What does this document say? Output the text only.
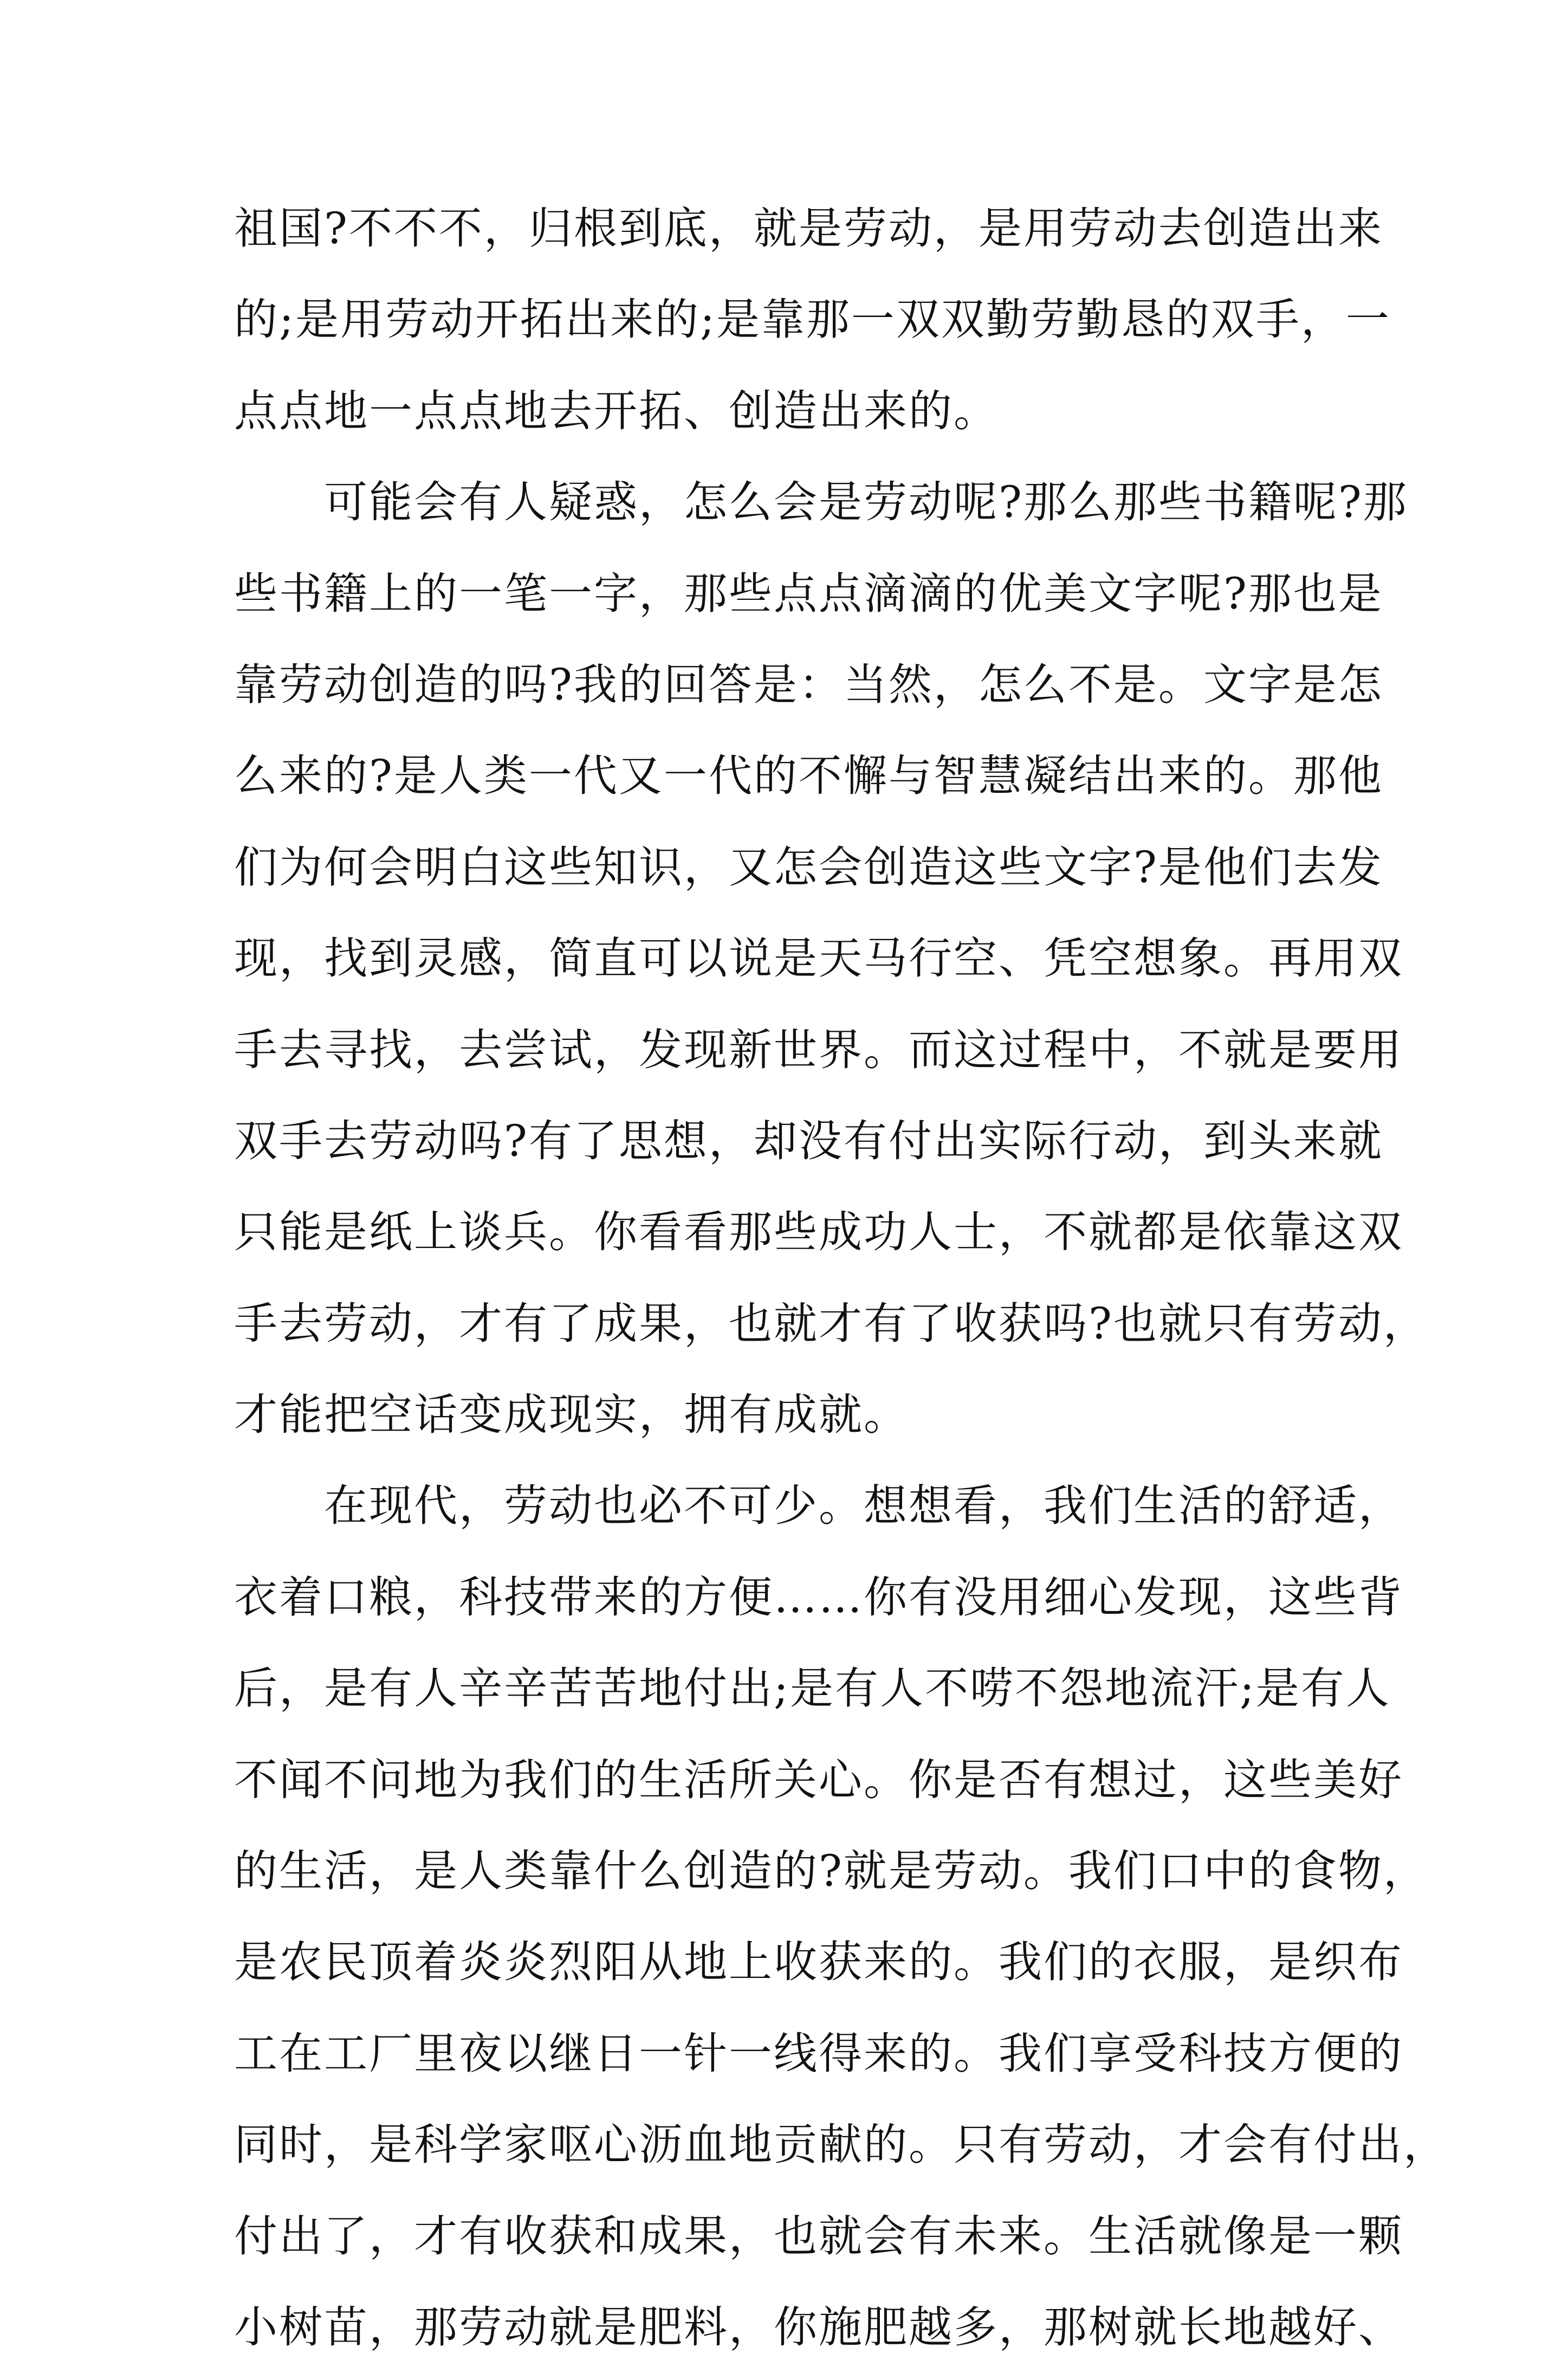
祖国?不不不，归根到底，就是劳动，是用劳动去创造出来
的;是用劳动开拓出来的;是靠那一双双勤劳勤恳的双手，一
点点地一点点地去开拓、创造出来的。
　　可能会有人疑惑，怎么会是劳动呢?那么那些书籍呢?那
些书籍上的一笔一字，那些点点滴滴的优美文字呢?那也是
靠劳动创造的吗?我的回答是：当然，怎么不是。文字是怎
么来的?是人类一代又一代的不懈与智慧凝结出来的。那他
们为何会明白这些知识，又怎会创造这些文字?是他们去发
现，找到灵感，简直可以说是天马行空、凭空想象。再用双
手去寻找，去尝试，发现新世界。而这过程中，不就是要用
双手去劳动吗?有了思想，却没有付出实际行动，到头来就
只能是纸上谈兵。你看看那些成功人士，不就都是依靠这双
手去劳动，才有了成果，也就才有了收获吗?也就只有劳动，
才能把空话变成现实，拥有成就。
　　在现代，劳动也必不可少。想想看，我们生活的舒适，
衣着口粮，科技带来的方便……你有没用细心发现，这些背
后，是有人辛辛苦苦地付出;是有人不唠不怨地流汗;是有人
不闻不问地为我们的生活所关心。你是否有想过，这些美好
的生活，是人类靠什么创造的?就是劳动。我们口中的食物，
是农民顶着炎炎烈阳从地上收获来的。我们的衣服，是织布
工在工厂里夜以继日一针一线得来的。我们享受科技方便的
同时，是科学家呕心沥血地贡献的。只有劳动，才会有付出，
付出了，才有收获和成果，也就会有未来。生活就像是一颗
小树苗，那劳动就是肥料，你施肥越多，那树就长地越好、
